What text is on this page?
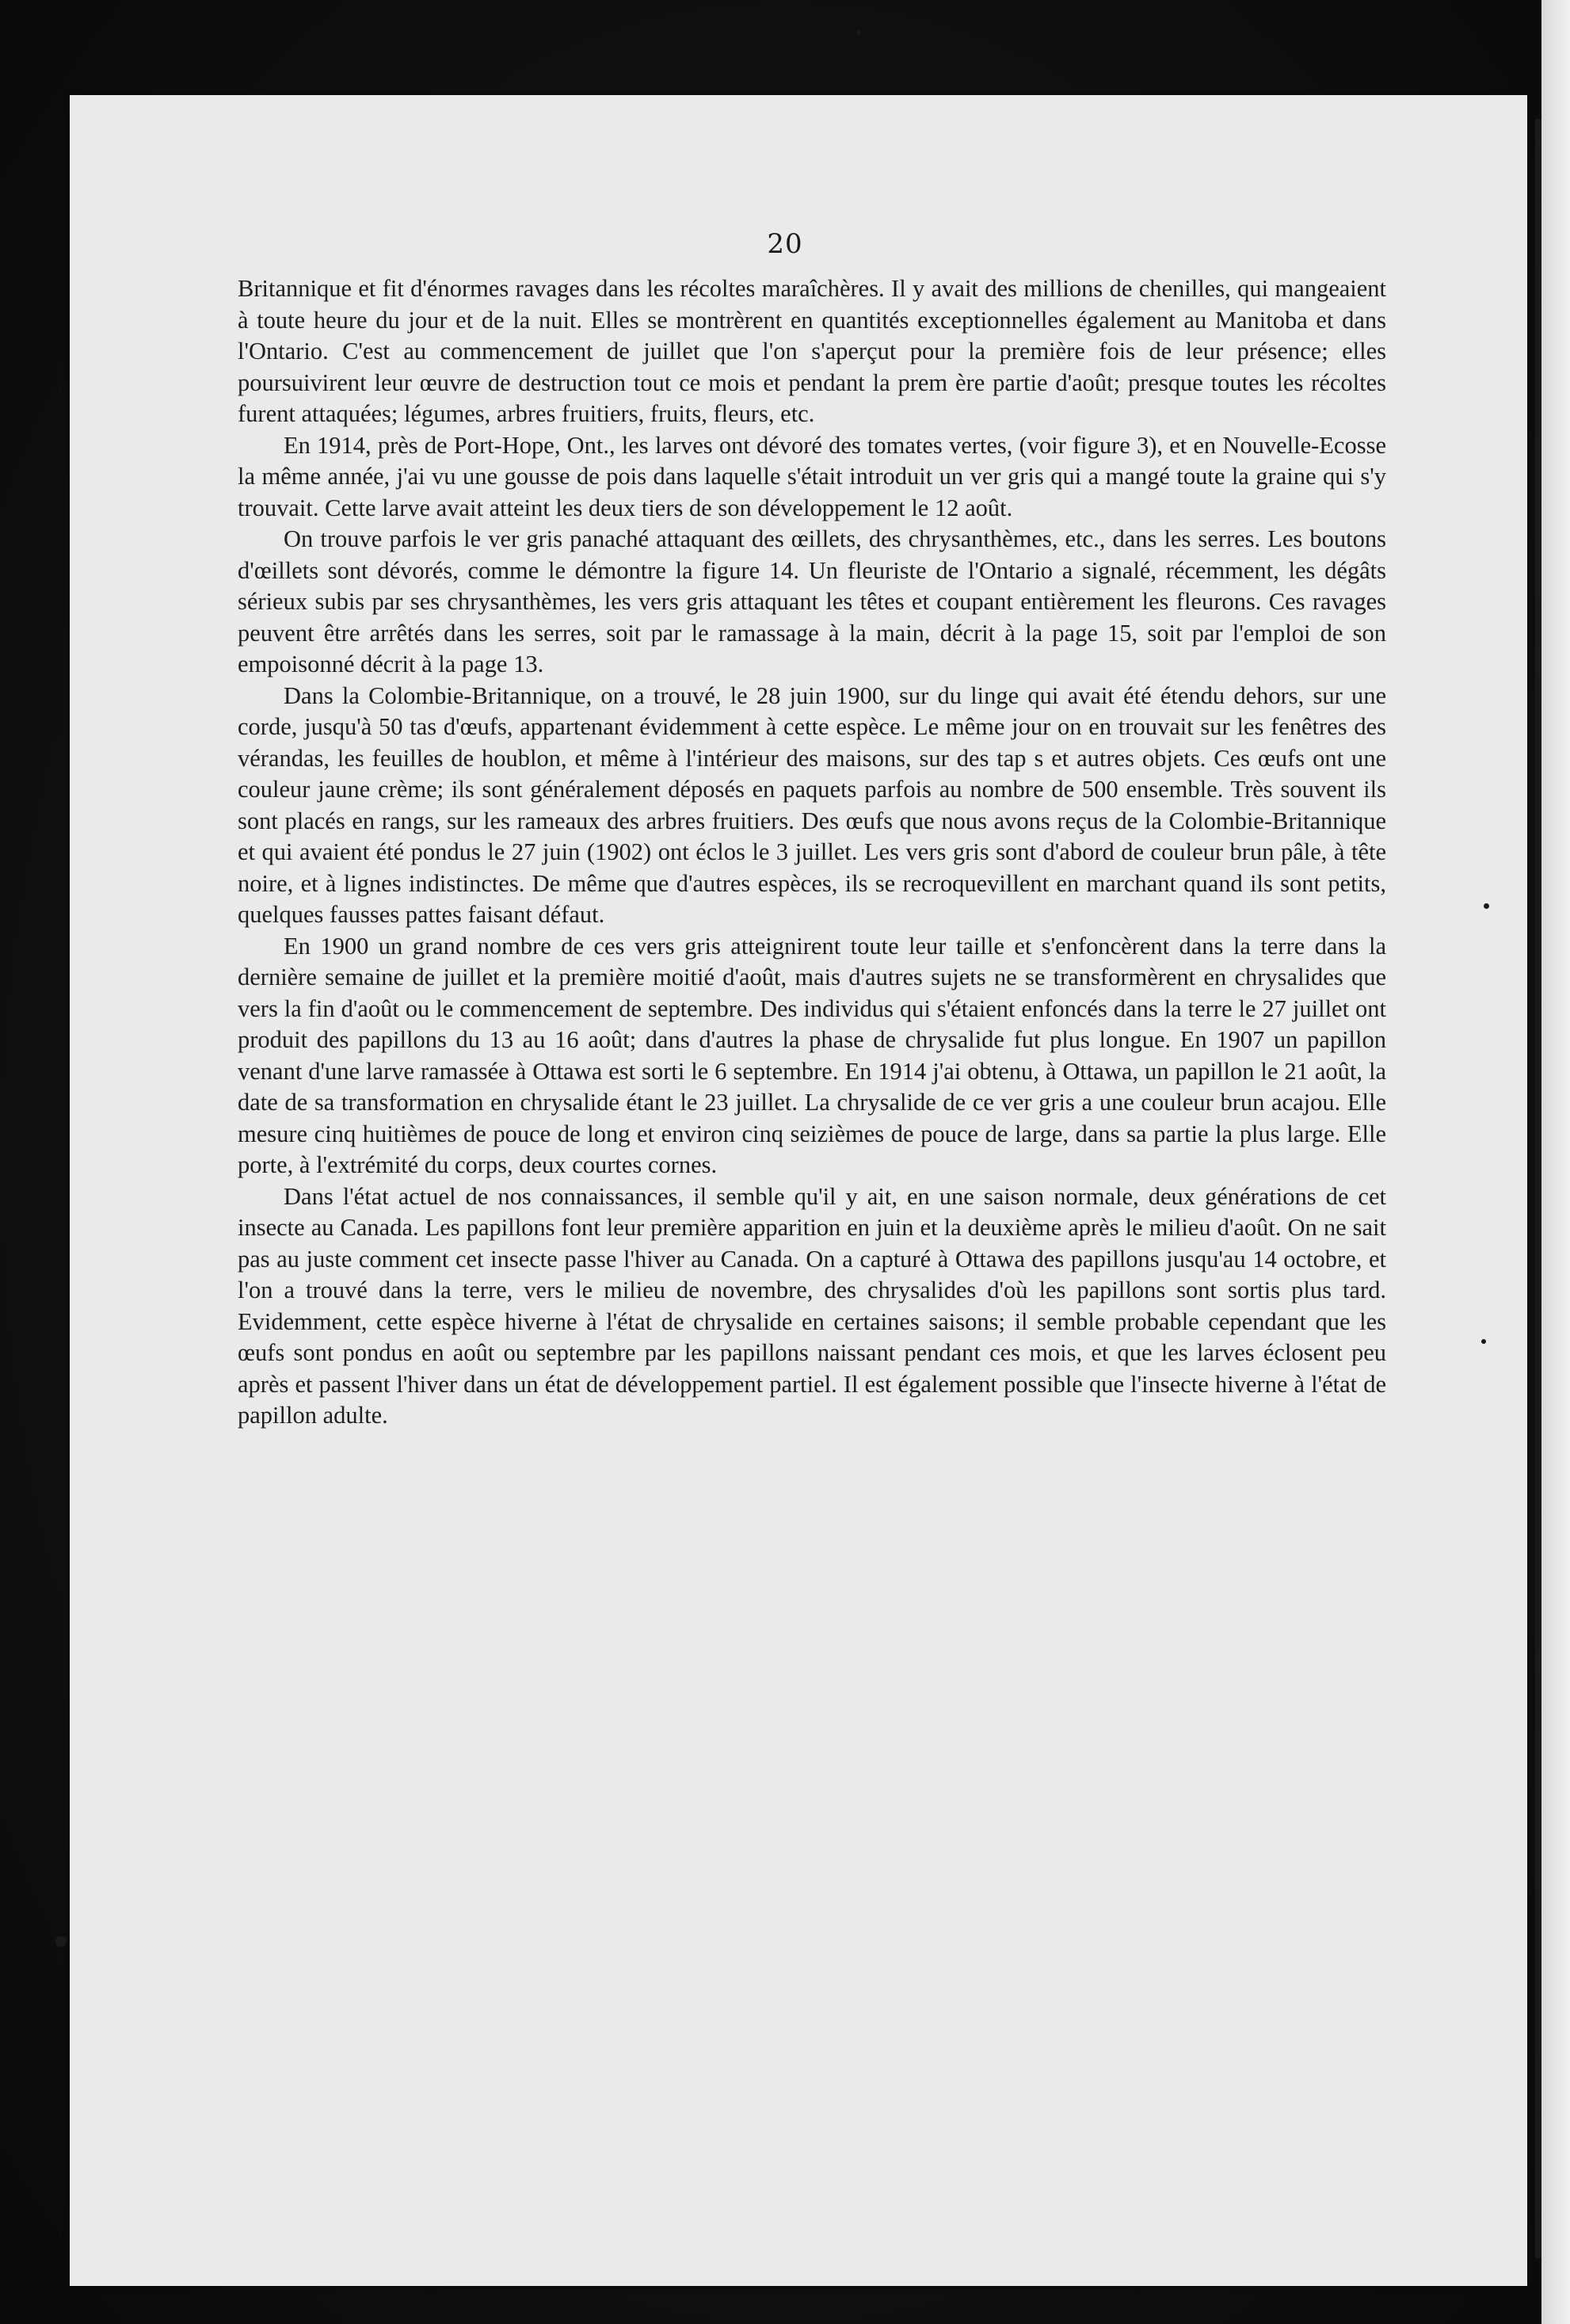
20

Britannique et fit d'énormes ravages dans les récoltes maraîchères. Il y avait des millions de chenilles, qui mangeaient à toute heure du jour et de la nuit. Elles se montrèrent en quantités exceptionnelles également au Manitoba et dans l'Ontario. C'est au commencement de juillet que l'on s'aperçut pour la première fois de leur présence; elles poursuivirent leur œuvre de destruction tout ce mois et pendant la prem ère partie d'août; presque toutes les récoltes furent attaquées; légumes, arbres fruitiers, fruits, fleurs, etc.

En 1914, près de Port-Hope, Ont., les larves ont dévoré des tomates vertes, (voir figure 3), et en Nouvelle-Ecosse la même année, j'ai vu une gousse de pois dans laquelle s'était introduit un ver gris qui a mangé toute la graine qui s'y trouvait. Cette larve avait atteint les deux tiers de son développement le 12 août.

On trouve parfois le ver gris panaché attaquant des œillets, des chrysanthèmes, etc., dans les serres. Les boutons d'œillets sont dévorés, comme le démontre la figure 14. Un fleuriste de l'Ontario a signalé, récemment, les dégâts sérieux subis par ses chrysanthèmes, les vers gris attaquant les têtes et coupant entièrement les fleurons. Ces ravages peuvent être arrêtés dans les serres, soit par le ramassage à la main, décrit à la page 15, soit par l'emploi de son empoisonné décrit à la page 13.

Dans la Colombie-Britannique, on a trouvé, le 28 juin 1900, sur du linge qui avait été étendu dehors, sur une corde, jusqu'à 50 tas d'œufs, appartenant évidemment à cette espèce. Le même jour on en trouvait sur les fenêtres des vérandas, les feuilles de houblon, et même à l'intérieur des maisons, sur des tap s et autres objets. Ces œufs ont une couleur jaune crème; ils sont généralement déposés en paquets parfois au nombre de 500 ensemble. Très souvent ils sont placés en rangs, sur les rameaux des arbres fruitiers. Des œufs que nous avons reçus de la Colombie-Britannique et qui avaient été pondus le 27 juin (1902) ont éclos le 3 juillet. Les vers gris sont d'abord de couleur brun pâle, à tête noire, et à lignes indistinctes. De même que d'autres espèces, ils se recroquevillent en marchant quand ils sont petits, quelques fausses pattes faisant défaut.

En 1900 un grand nombre de ces vers gris atteignirent toute leur taille et s'enfoncèrent dans la terre dans la dernière semaine de juillet et la première moitié d'août, mais d'autres sujets ne se transformèrent en chrysalides que vers la fin d'août ou le commencement de septembre. Des individus qui s'étaient enfoncés dans la terre le 27 juillet ont produit des papillons du 13 au 16 août; dans d'autres la phase de chrysalide fut plus longue. En 1907 un papillon venant d'une larve ramassée à Ottawa est sorti le 6 septembre. En 1914 j'ai obtenu, à Ottawa, un papillon le 21 août, la date de sa transformation en chrysalide étant le 23 juillet. La chrysalide de ce ver gris a une couleur brun acajou. Elle mesure cinq huitièmes de pouce de long et environ cinq seizièmes de pouce de large, dans sa partie la plus large. Elle porte, à l'extrémité du corps, deux courtes cornes.

Dans l'état actuel de nos connaissances, il semble qu'il y ait, en une saison normale, deux générations de cet insecte au Canada. Les papillons font leur première apparition en juin et la deuxième après le milieu d'août. On ne sait pas au juste comment cet insecte passe l'hiver au Canada. On a capturé à Ottawa des papillons jusqu'au 14 octobre, et l'on a trouvé dans la terre, vers le milieu de novembre, des chrysalides d'où les papillons sont sortis plus tard. Evidemment, cette espèce hiverne à l'état de chrysalide en certaines saisons; il semble probable cependant que les œufs sont pondus en août ou septembre par les papillons naissant pendant ces mois, et que les larves éclosent peu après et passent l'hiver dans un état de développement partiel. Il est également possible que l'insecte hiverne à l'état de papillon adulte.
